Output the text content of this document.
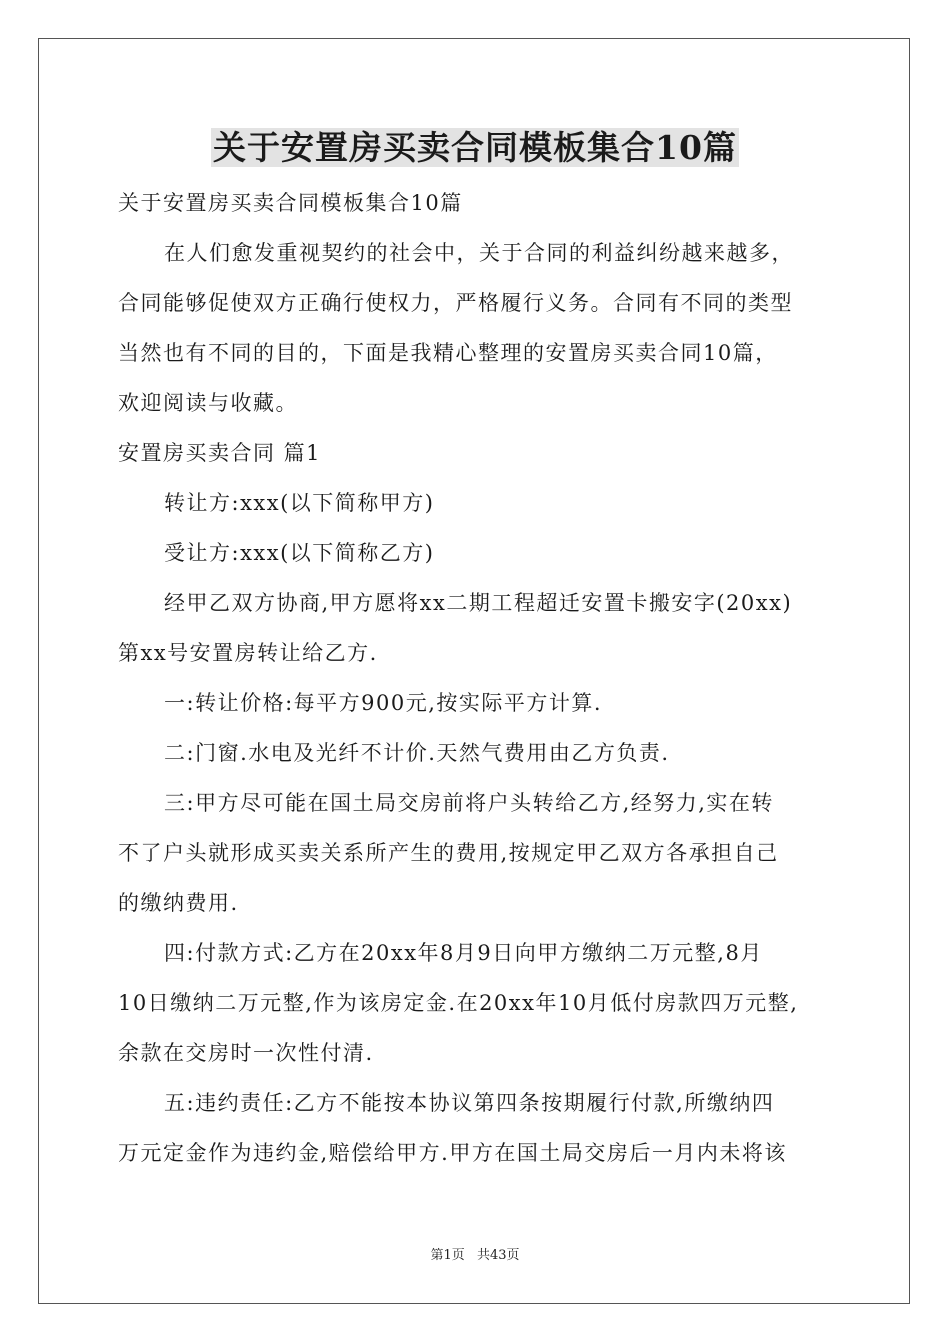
关于安置房买卖合同模板集合10篇

关于安置房买卖合同模板集合10篇

在人们愈发重视契约的社会中，关于合同的利益纠纷越来越多，

合同能够促使双方正确行使权力，严格履行义务。合同有不同的类型

当然也有不同的目的，下面是我精心整理的安置房买卖合同10篇，

欢迎阅读与收藏。

安置房买卖合同 篇1

转让方:xxx(以下简称甲方)

受让方:xxx(以下简称乙方)

经甲乙双方协商,甲方愿将xx二期工程超迁安置卡搬安字(20xx)

第xx号安置房转让给乙方.

一:转让价格:每平方900元,按实际平方计算.

二:门窗.水电及光纤不计价.天然气费用由乙方负责.

三:甲方尽可能在国土局交房前将户头转给乙方,经努力,实在转

不了户头就形成买卖关系所产生的费用,按规定甲乙双方各承担自己

的缴纳费用.

四:付款方式:乙方在20xx年8月9日向甲方缴纳二万元整,8月

10日缴纳二万元整,作为该房定金.在20xx年10月低付房款四万元整,

余款在交房时一次性付清.

五:违约责任:乙方不能按本协议第四条按期履行付款,所缴纳四

万元定金作为违约金,赔偿给甲方.甲方在国土局交房后一月内未将该

第1页 共43页
